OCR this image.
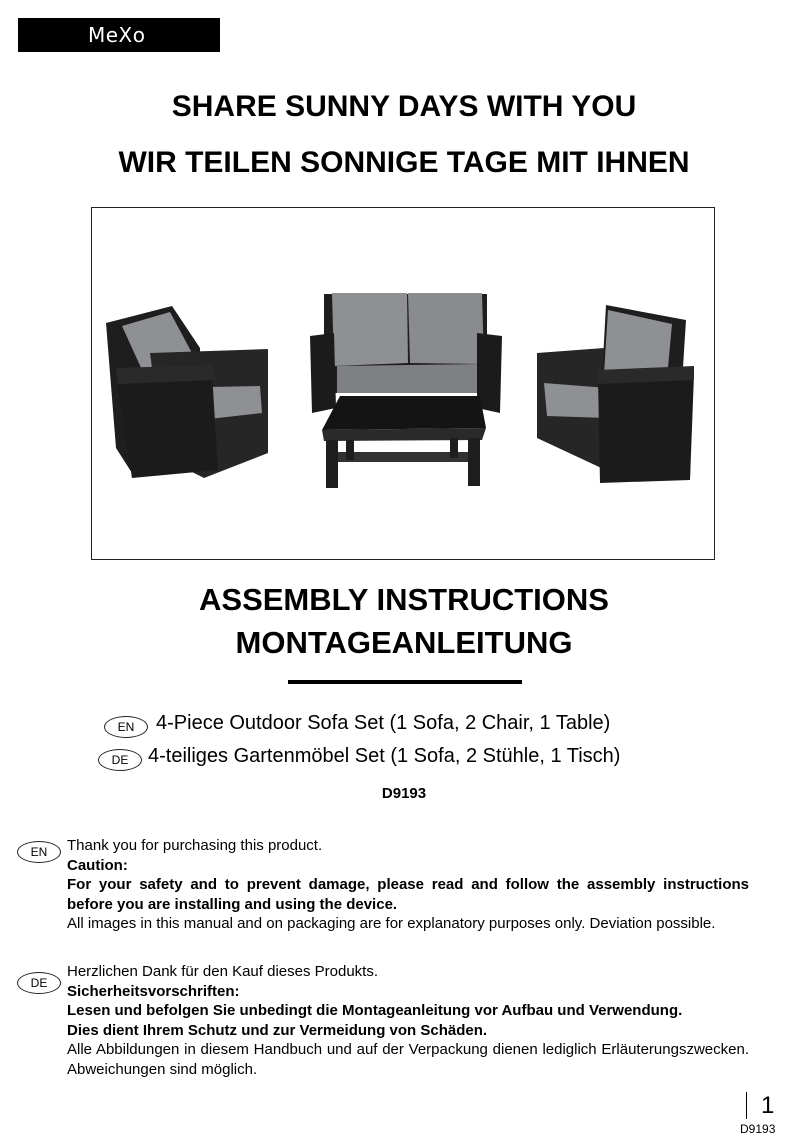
MeXo
SHARE SUNNY DAYS WITH YOU
WIR TEILEN SONNIGE TAGE MIT IHNEN
ASSEMBLY INSTRUCTIONS
MONTAGEANLEITUNG
EN	4-Piece Outdoor Sofa Set (1 Sofa, 2 Chair, 1 Table)
DE 4-teiliges Gartenmöbel Set (1 Sofa, 2 Stühle, 1 Tisch)
D9193
EN	Thank you for purchasing this product.
Caution:
For your safety and to prevent damage, please read and follow the assembly instructions before you are installing and using the device.
All images in this manual and on packaging are for explanatory purposes only. Deviation possible.
DE
Herzlichen Dank für den Kauf dieses Produkts.
Sicherheitsvorschriften:
Lesen und befolgen Sie unbedingt die Montageanleitung vor Aufbau und Verwendung.
Dies dient Ihrem Schutz und zur Vermeidung von Schäden.
Alle Abbildungen in diesem Handbuch und auf der Verpackung dienen lediglich Erläuterungszwecken. Abweichungen sind möglich.
1
D9193
